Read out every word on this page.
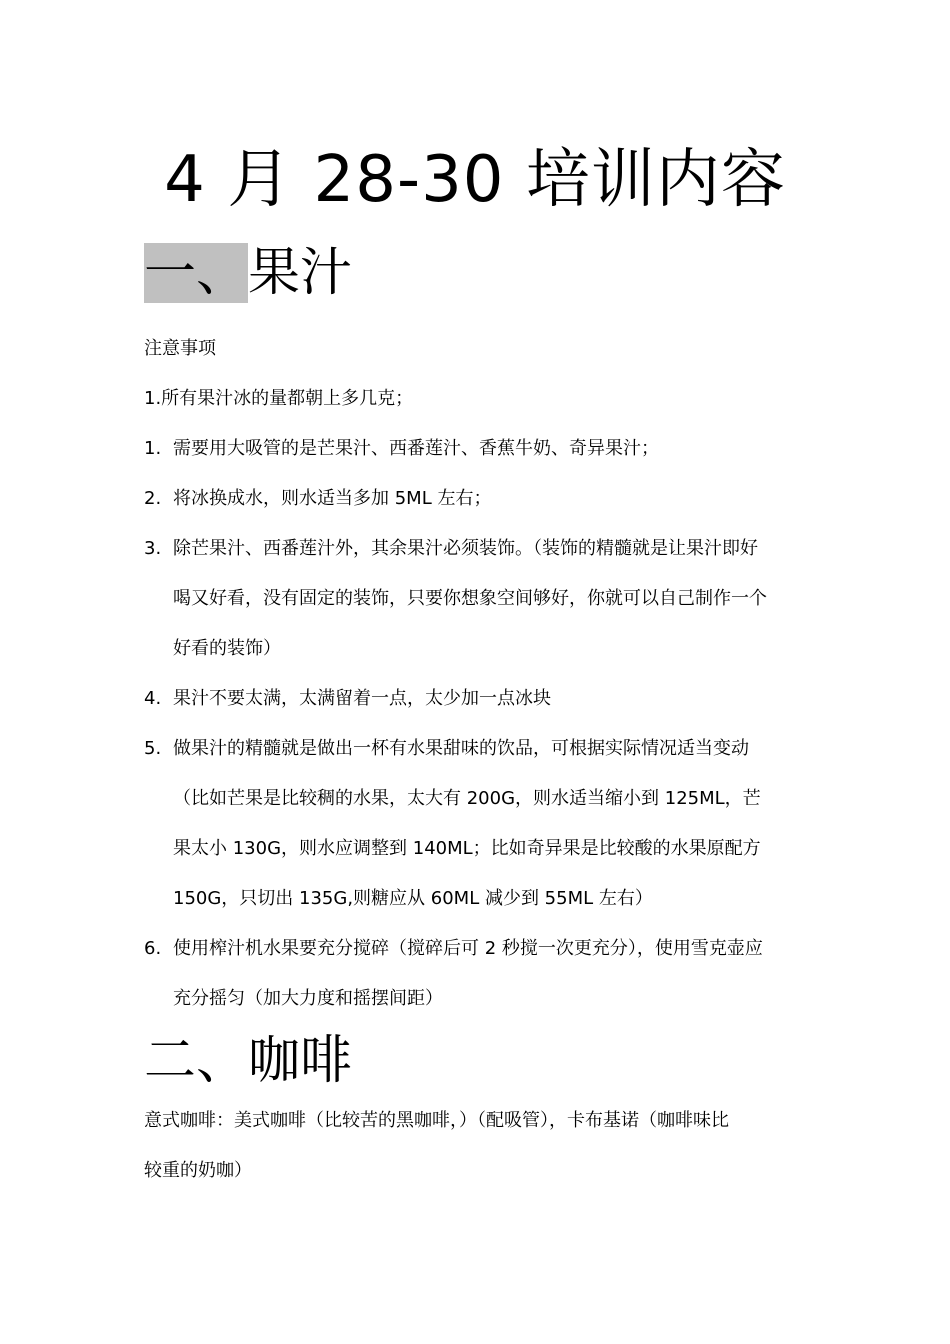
4 月 28-30 培训内容
一、果汁
注意事项
1.所有果汁冰的量都朝上多几克；
1. 需要用大吸管的是芒果汁、西番莲汁、香蕉牛奶、奇异果汁；
2. 将冰换成水，则水适当多加 5ML 左右；
3. 除芒果汁、西番莲汁外，其余果汁必须装饰。（装饰的精髓就是让果汁即好
喝又好看，没有固定的装饰，只要你想象空间够好，你就可以自己制作一个
好看的装饰）
4. 果汁不要太满，太满留着一点，太少加一点冰块
5. 做果汁的精髓就是做出一杯有水果甜味的饮品，可根据实际情况适当变动
（比如芒果是比较稠的水果，太大有 200G，则水适当缩小到 125ML，芒
果太小 130G，则水应调整到 140ML；比如奇异果是比较酸的水果原配方
150G，只切出 135G,则糖应从 60ML 减少到 55ML 左右）
6. 使用榨汁机水果要充分搅碎（搅碎后可 2 秒搅一次更充分），使用雪克壶应
充分摇匀（加大力度和摇摆间距）
二、咖啡
意式咖啡：美式咖啡（比较苦的黑咖啡，）（配吸管），卡布基诺（咖啡味比
较重的奶咖）
